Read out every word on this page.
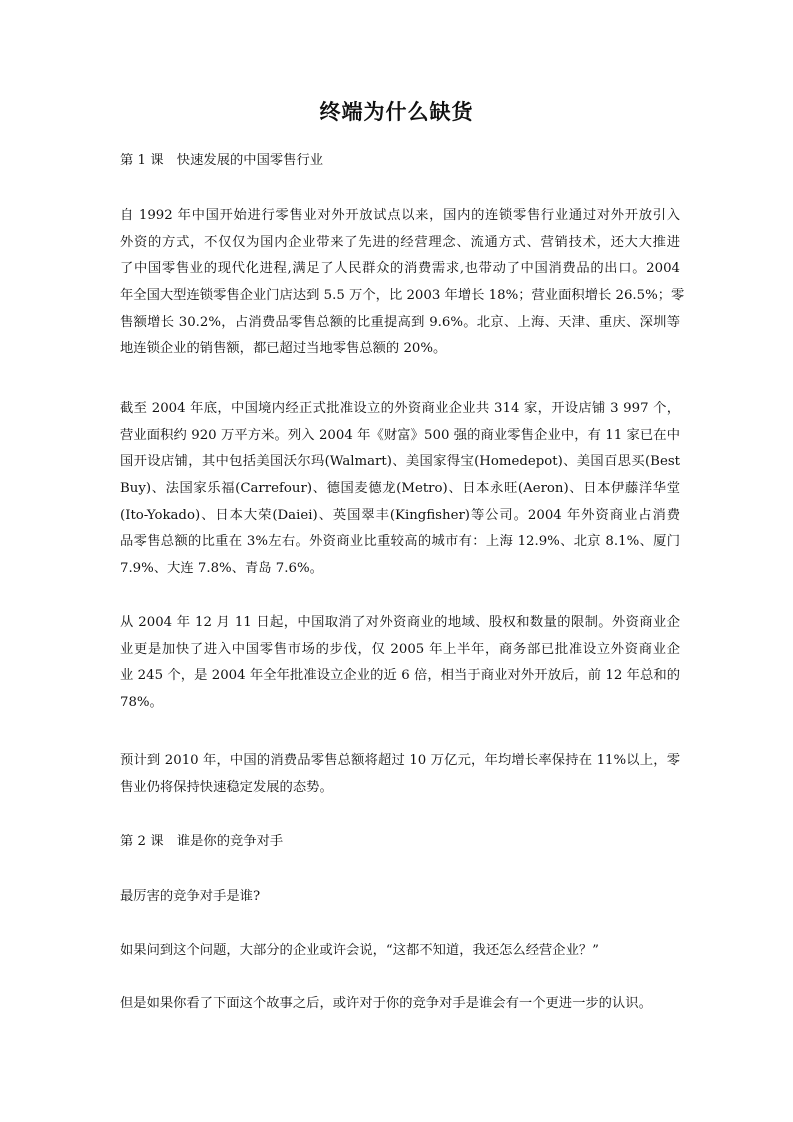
终端为什么缺货
第 1 课　快速发展的中国零售行业
自 1992 年中国开始进行零售业对外开放试点以来，国内的连锁零售行业通过对外开放引入
外资的方式，不仅仅为国内企业带来了先进的经营理念、流通方式、营销技术，还大大推进
了中国零售业的现代化进程,满足了人民群众的消费需求,也带动了中国消费品的出口。2004
年全国大型连锁零售企业门店达到 5.5 万个，比 2003 年增长 18%；营业面积增长 26.5%；零
售额增长 30.2%，占消费品零售总额的比重提高到 9.6%。北京、上海、天津、重庆、深圳等
地连锁企业的销售额，都已超过当地零售总额的 20%。
截至 2004 年底，中国境内经正式批准设立的外资商业企业共 314 家，开设店铺 3 997 个，
营业面积约 920 万平方米。列入 2004 年《财富》500 强的商业零售企业中，有 11 家已在中
国开设店铺，其中包括美国沃尔玛(Walmart)、美国家得宝(Homedepot)、美国百思买(Best
Buy)、法国家乐福(Carrefour)、德国麦德龙(Metro)、日本永旺(Aeron)、日本伊藤洋华堂
(Ito-Yokado)、日本大荣(Daiei)、英国翠丰(Kingfisher)等公司。2004 年外资商业占消费
品零售总额的比重在 3%左右。外资商业比重较高的城市有：上海 12.9%、北京 8.1%、厦门
7.9%、大连 7.8%、青岛 7.6%。
从 2004 年 12 月 11 日起，中国取消了对外资商业的地域、股权和数量的限制。外资商业企
业更是加快了进入中国零售市场的步伐，仅 2005 年上半年，商务部已批准设立外资商业企
业 245 个，是 2004 年全年批准设立企业的近 6 倍，相当于商业对外开放后，前 12 年总和的
78%。
预计到 2010 年，中国的消费品零售总额将超过 10 万亿元，年均增长率保持在 11%以上，零
售业仍将保持快速稳定发展的态势。
第 2 课　谁是你的竞争对手
最厉害的竞争对手是谁?
如果问到这个问题，大部分的企业或许会说，“这都不知道，我还怎么经营企业？”
但是如果你看了下面这个故事之后，或许对于你的竞争对手是谁会有一个更进一步的认识。
